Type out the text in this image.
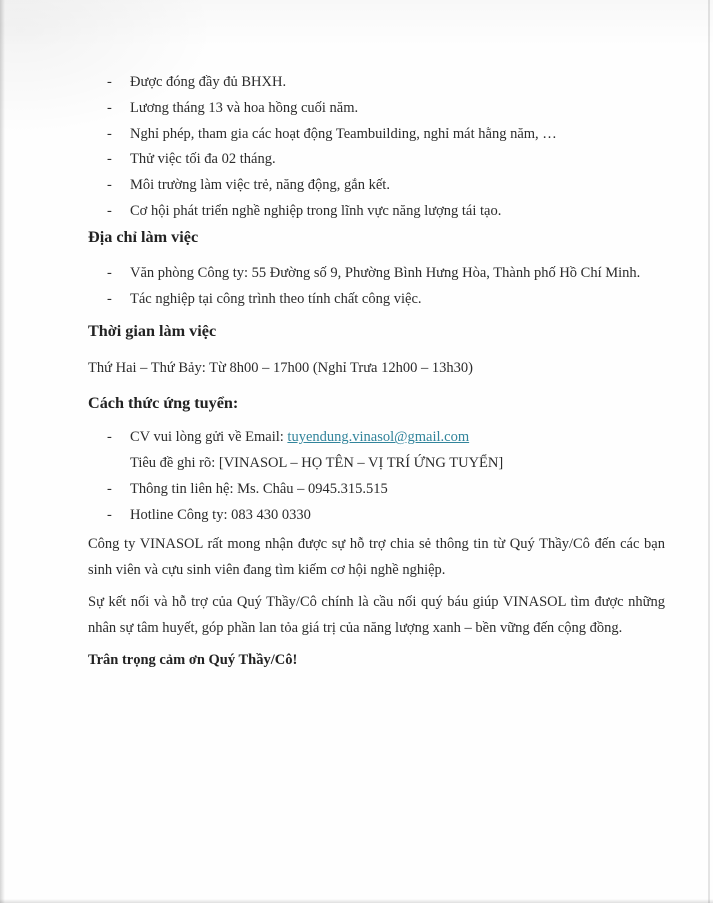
-	Được đóng đầy đủ BHXH.
-	Lương tháng 13 và hoa hồng cuối năm.
-	Nghỉ phép, tham gia các hoạt động Teambuilding, nghỉ mát hằng năm, …
-	Thử việc tối đa 02 tháng.
-	Môi trường làm việc trẻ, năng động, gắn kết.
-	Cơ hội phát triển nghề nghiệp trong lĩnh vực năng lượng tái tạo.
Địa chỉ làm việc
-	Văn phòng Công ty: 55 Đường số 9, Phường Bình Hưng Hòa, Thành phố Hồ Chí Minh.
-	Tác nghiệp tại công trình theo tính chất công việc.
Thời gian làm việc

Thứ Hai – Thứ Bảy: Từ 8h00 – 17h00 (Nghỉ Trưa 12h00 – 13h30)

Cách thức ứng tuyển:
-	CV vui lòng gửi về Email: tuyendung.vinasol@gmail.com
Tiêu đề ghi rõ: [VINASOL – HỌ TÊN – VỊ TRÍ ỨNG TUYỂN]
-	Thông tin liên hệ: Ms. Châu – 0945.315.515
-	Hotline Công ty: 083 430 0330

Công ty VINASOL rất mong nhận được sự hỗ trợ chia sẻ thông tin từ Quý Thầy/Cô đến các bạn sinh viên và cựu sinh viên đang tìm kiếm cơ hội nghề nghiệp.

Sự kết nối và hỗ trợ của Quý Thầy/Cô chính là cầu nối quý báu giúp VINASOL tìm được những nhân sự tâm huyết, góp phần lan tỏa giá trị của năng lượng xanh – bền vững đến cộng đồng.

Trân trọng cảm ơn Quý Thầy/Cô!
